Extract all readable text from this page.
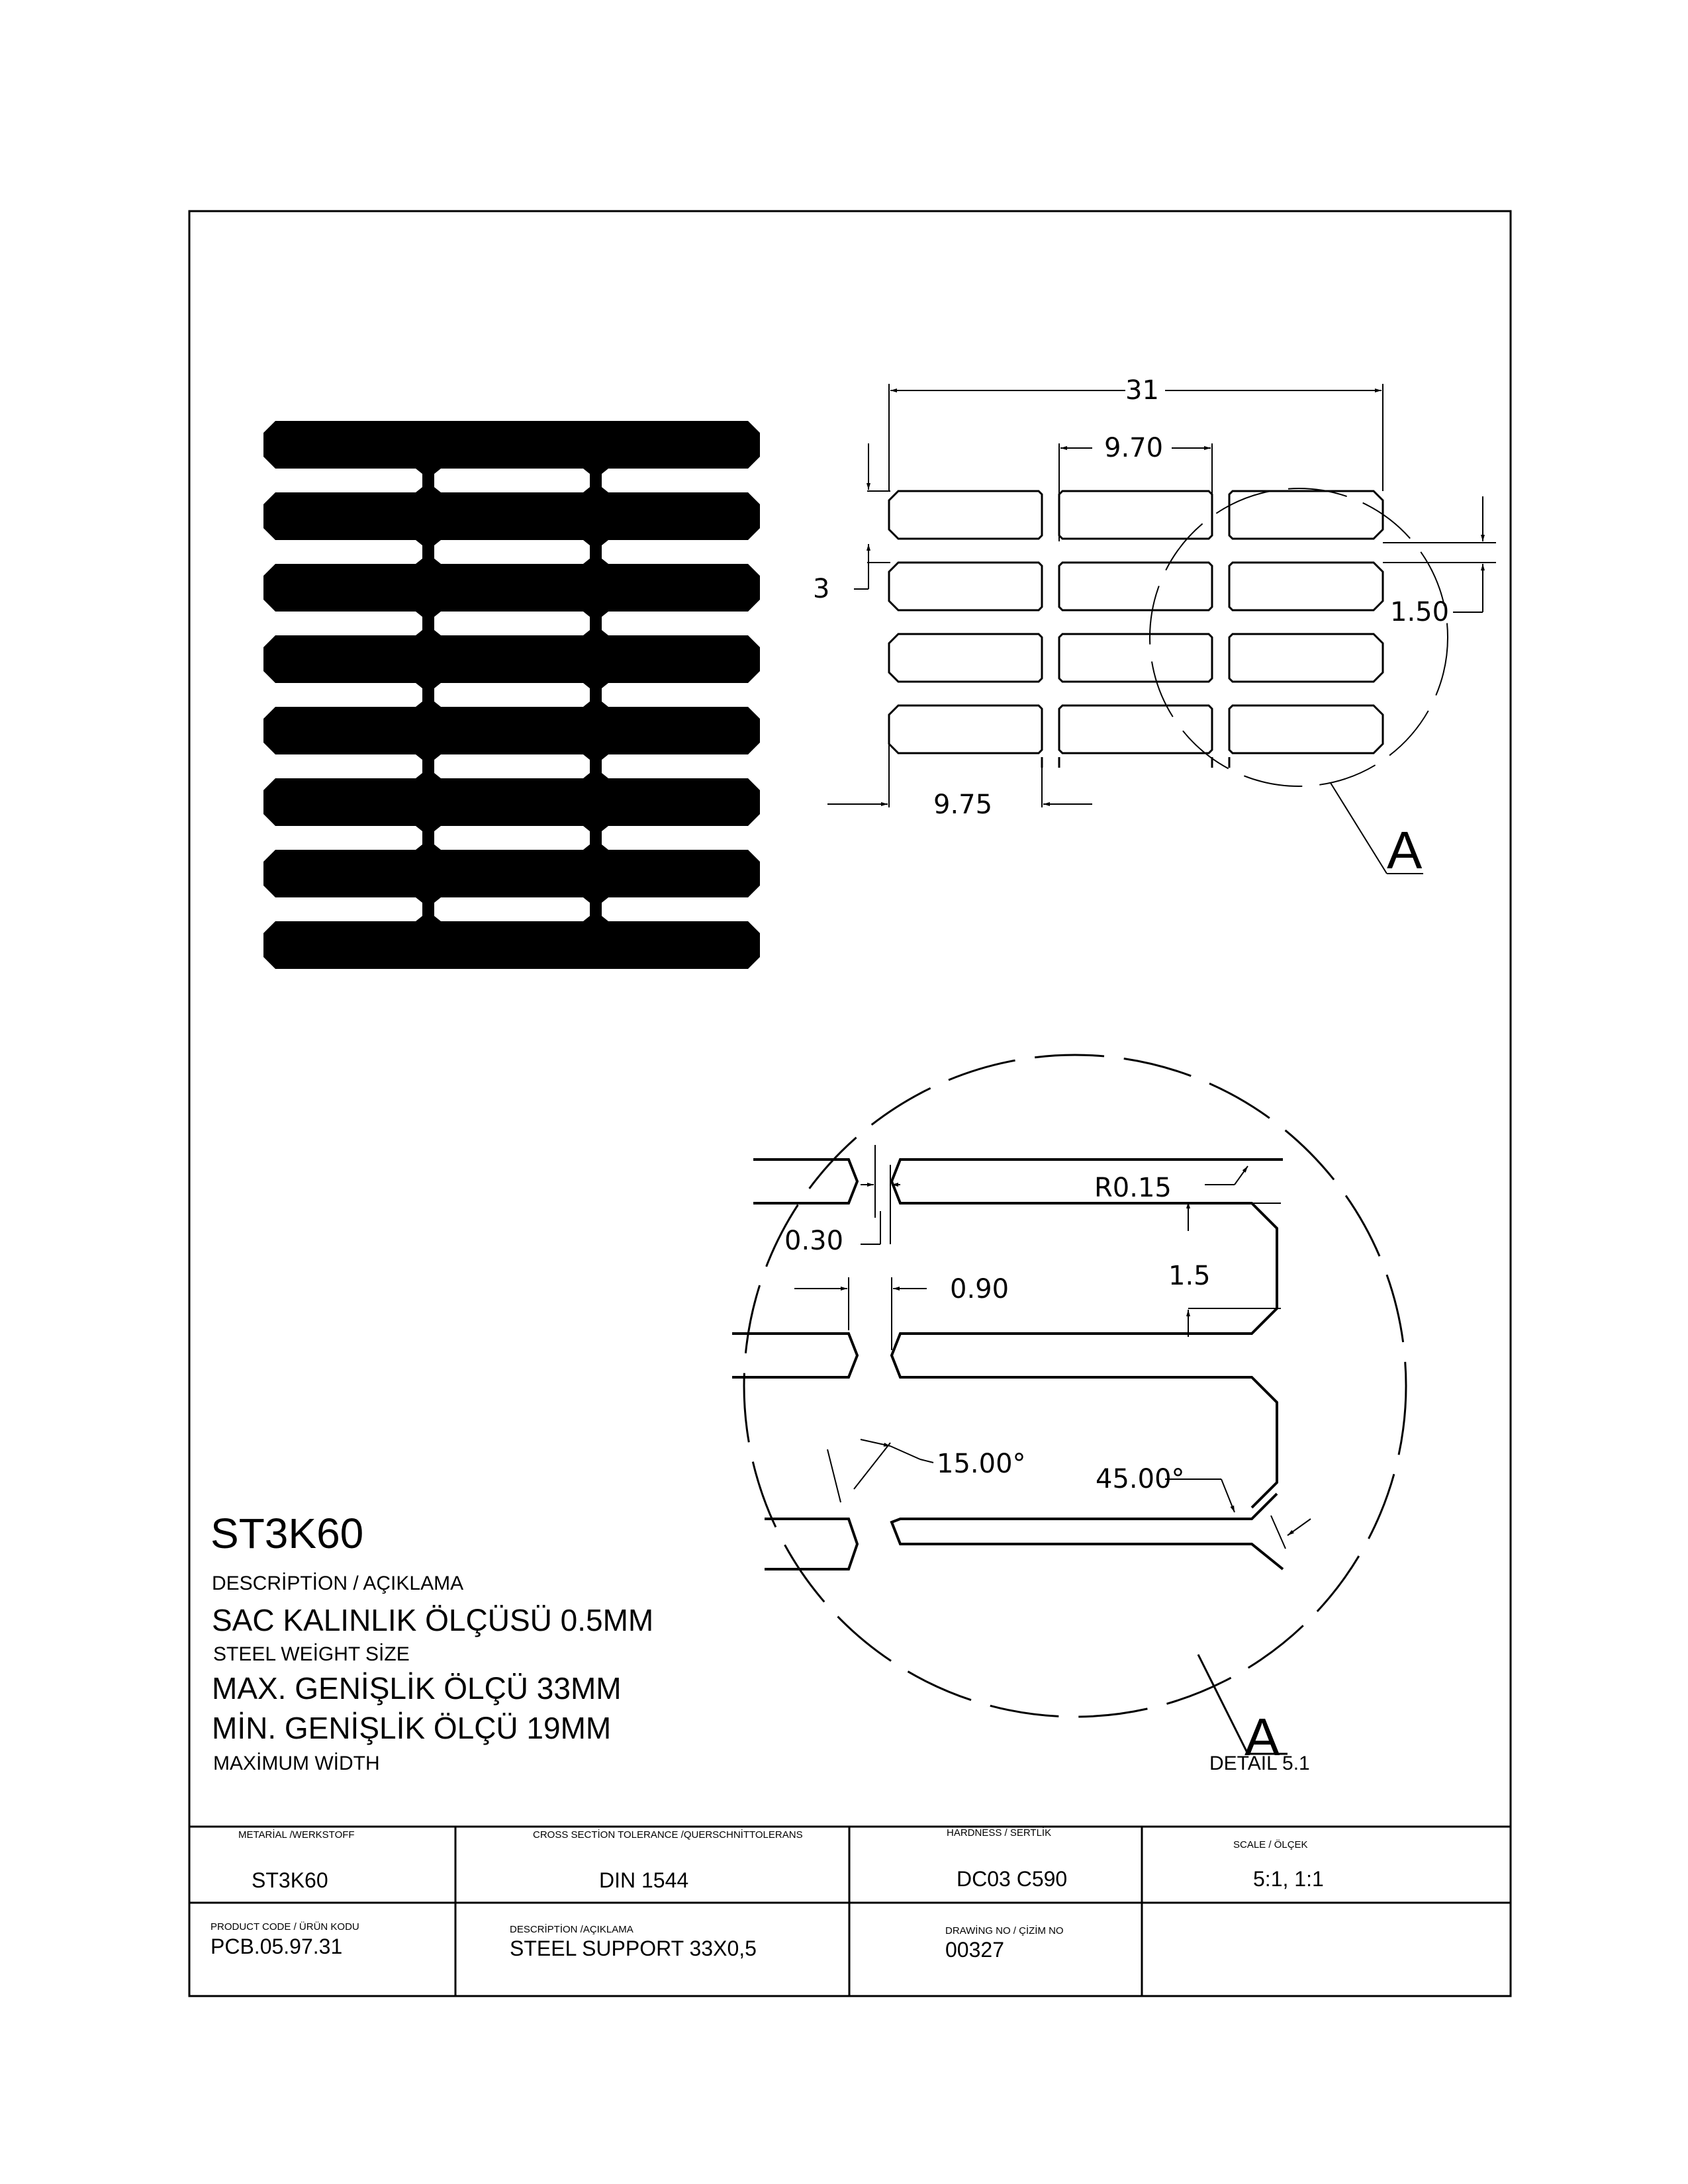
31
9.70
3
1.50
9.75
A
0.30
R0.15
1.5
0.90
15.00°	45.00°
A
DETAIL 5.1
ST3K60
DESCRİPTİON / AÇIKLAMA
SAC KALINLIK ÖLÇÜSÜ 0.5MM
STEEL WEİGHT SİZE
MAX. GENİŞLİK ÖLÇÜ 33MM
MİN. GENİŞLİK ÖLÇÜ 19MM
MAXİMUM WİDTH
METARİAL /WERKSTOFF
ST3K60
CROSS SECTİON TOLERANCE /QUERSCHNİTTOLERANS
DIN 1544
HARDNESS / SERTLİK
DC03 C590
SCALE / ÖLÇEK
5:1, 1:1
PRODUCT CODE / ÜRÜN KODU
PCB.05.97.31
DESCRİPTİON /AÇIKLAMA
STEEL SUPPORT 33X0,5
DRAWİNG NO / ÇİZİM NO
00327
